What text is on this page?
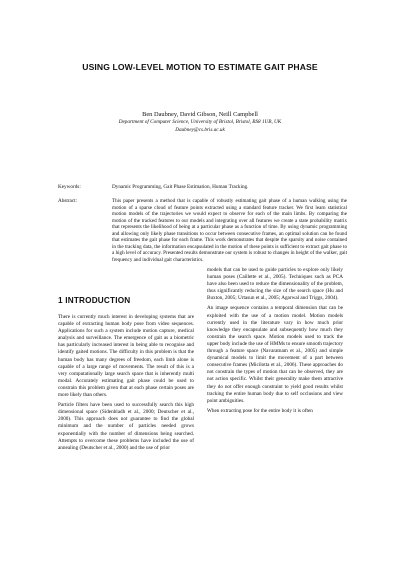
USING LOW-LEVEL MOTION TO ESTIMATE GAIT PHASE
Ben Daubney, David Gibson, Neill Campbell
Department of Computer Science, University of Bristol, Bristol, BS8 1UB, UK
Daubney@cs.bris.ac.uk
Keywords:	Dynamic Programming, Gait Phase Estimation, Human Tracking.
Abstract:	This paper presents a method that is capable of robustly estimating gait phase of a human walking using the motion of a sparse cloud of feature points extracted using a standard feature tracker. We first learn statistical motion models of the trajectories we would expect to observe for each of the main limbs. By comparing the motion of the tracked features to our models and integrating over all features we create a state probability matrix that represents the likelihood of being at a particular phase as a function of time. By using dynamic programming and allowing only likely phase transitions to occur between consecutive frames, an optimal solution can be found that estimates the gait phase for each frame. This work demonstrates that despite the sparsity and noise contained in the tracking data, the information encapsulated in the motion of these points is sufficient to extract gait phase to a high level of accuracy. Presented results demonstrate our system is robust to changes in height of the walker, gait frequency and individual gait characteristics.
1 INTRODUCTION

There is currently much interest in developing systems that are capable of extracting human body pose from video sequences. Applications for such a system include motion capture, medical analysis and surveillance. The emergence of gait as a biometric has particularly increased interest in being able to recognise and identify gaited motions. The difficulty in this problem is that the human body has many degrees of freedom, each limb alone is capable of a large range of movements. The result of this is a very computationally large search space that is inherently multi modal. Accurately estimating gait phase could be used to constrain this problem given that at each phase certain poses are more likely than others.

Particle filters have been used to successfully search this high dimensional space (Sidenbladh et al., 2000; Deutscher et al., 2000). This approach does not guarantee to find the global minimum and the number of particles needed grows exponentially with the number of dimensions being searched. Attempts to overcome these problems have included the use of annealing (Deutscher et al., 2000) and the use of prior

models that can be used to guide particles to explore only likely human poses (Caillette et al., 2005). Techniques such as PCA have also been used to reduce the dimensionality of the problem, thus significantly reducing the size of the search space (Hu and Buxton, 2005; Urtasun et al., 2005; Agarwal and Triggs, 2004).

An image sequence contains a temporal dimension that can be exploited with the use of a motion model. Motion models currently used in the literature vary in how much prior knowledge they encapsulate and subsequently how much they constrain the search space. Motion models used to track the upper body include the use of HMMs to ensure smooth trajectory through a feature space (Navaratnam et al., 2005) and simple dynamical models to limit the movement of a part between consecutive frames (Micilotta et al., 2006). These approaches do not constrain the types of motion that can be observed, they are not action specific. Whilst their generality make them attractive they do not offer enough constraint to yield good results whilst tracking the entire human body due to self occlusions and view point ambiguities.

When extracting pose for the entire body it is often
